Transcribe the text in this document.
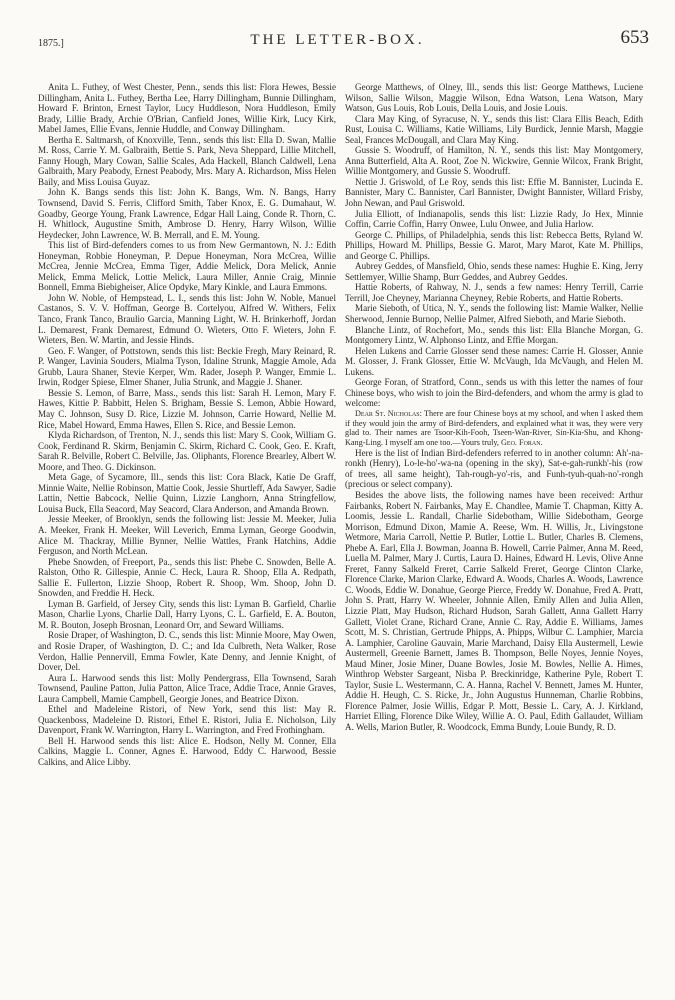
1875.]	THE LETTER-BOX.	653

Anita L. Futhey, of West Chester, Penn., sends this list: Flora Hewes, Bessie Dillingham, Anita L. Futhey, Bertha Lee, Harry Dillingham, Bunnie Dillingham, Howard F. Brinton, Ernest Taylor, Lucy Huddleson, Nora Huddleson, Emily Brady, Lillie Brady, Archie O'Brian, Canfield Jones, Willie Kirk, Lucy Kirk, Mabel James, Ellie Evans, Jennie Huddle, and Conway Dillingham.

Bertha E. Saltmarsh, of Knoxville, Tenn., sends this list: Ella D. Swan, Mallie M. Ross, Carrie Y. M. Galbraith, Bettie S. Park, Neva Sheppard, Lillie Mitchell, Fanny Hough, Mary Cowan, Sallie Scales, Ada Hackell, Blanch Caldwell, Lena Galbraith, Mary Peabody, Ernest Peabody, Mrs. Mary A. Richardson, Miss Helen Baily, and Miss Louisa Guyaz.

John K. Bangs sends this list: John K. Bangs, Wm. N. Bangs, Harry Townsend, David S. Ferris, Clifford Smith, Taber Knox, E. G. Dumahaut, W. Goadby, George Young, Frank Lawrence, Edgar Hall Laing, Conde R. Thorn, C. H. Whitlock, Augustine Smith, Ambrose D. Henry, Harry Wilson, Willie Heydecker, John Lawrence, W. B. Merrall, and E. M. Young.

This list of Bird-defenders comes to us from New Germantown, N. J.: Edith Honeyman, Robbie Honeyman, P. Depue Honeyman, Nora McCrea, Willie McCrea, Jennie McCrea, Emma Tiger, Addie Melick, Dora Melick, Annie Melick, Emma Melick, Lottie Melick, Laura Miller, Annie Craig, Minnie Bonnell, Emma Biebigheiser, Alice Opdyke, Mary Kinkle, and Laura Emmons.

John W. Noble, of Hempstead, L. I., sends this list: John W. Noble, Manuel Castanos, S. V. V. Hoffman, George B. Cortelyou, Alfred W. Withers, Felix Tanco, Frank Tanco, Braulio Garcia, Manning Light, W. H. Brinkerhoff, Jordan L. Demarest, Frank Demarest, Edmund O. Wieters, Otto F. Wieters, John F. Wieters, Ben. W. Martin, and Jessie Hinds.

Geo. F. Wanger, of Pottstown, sends this list: Beckie Fregh, Mary Reinard, R. P. Wanger, Lavinia Souders, Mialma Tyson, Idaline Strunk, Maggie Amole, Ada Grubb, Laura Shaner, Stevie Kerper, Wm. Rader, Joseph P. Wanger, Emmie L. Irwin, Rodger Spiese, Elmer Shaner, Julia Strunk, and Maggie J. Shaner.

Bessie S. Lemon, of Barre, Mass., sends this list: Sarah H. Lemon, Mary F. Hawes, Kittie P. Babbitt, Helen S. Brigham, Bessie S. Lemon, Abbie Howard, May C. Johnson, Susy D. Rice, Lizzie M. Johnson, Carrie Howard, Nellie M. Rice, Mabel Howard, Emma Hawes, Ellen S. Rice, and Bessie Lemon.

Klyda Richardson, of Trenton, N. J., sends this list: Mary S. Cook, William G. Cook, Ferdinand R. Skirm, Benjamin C. Skirm, Richard C. Cook, Geo. E. Kraft, Sarah R. Belville, Robert C. Belville, Jas. Oliphants, Florence Brearley, Albert W. Moore, and Theo. G. Dickinson.

Meta Gage, of Sycamore, Ill., sends this list: Cora Black, Katie De Graff, Minnie Waite, Nellie Robinson, Mattie Cook, Jessie Shurtleff, Ada Sawyer, Sadie Lattin, Nettie Babcock, Nellie Quinn, Lizzie Langhorn, Anna Stringfellow, Louisa Buck, Ella Seacord, May Seacord, Clara Anderson, and Amanda Brown.

Jessie Meeker, of Brooklyn, sends the following list: Jessie M. Meeker, Julia A. Meeker, Frank H. Meeker, Will Leverich, Emma Lyman, George Goodwin, Alice M. Thackray, Millie Bynner, Nellie Wattles, Frank Hatchins, Addie Ferguson, and North McLean.

Phebe Snowden, of Freeport, Pa., sends this list: Phebe C. Snowden, Belle A. Ralston, Otho R. Gillespie, Annie C. Heck, Laura R. Shoop, Ella A. Redpath, Sallie E. Fullerton, Lizzie Shoop, Robert R. Shoop, Wm. Shoop, John D. Snowden, and Freddie H. Heck.

Lyman B. Garfield, of Jersey City, sends this list: Lyman B. Garfield, Charlie Mason, Charlie Lyons, Charlie Dall, Harry Lyons, C. L. Garfield, E. A. Bouton, M. R. Bouton, Joseph Brosnan, Leonard Orr, and Seward Williams.

Rosie Draper, of Washington, D. C., sends this list: Minnie Moore, May Owen, and Rosie Draper, of Washington, D. C.; and Ida Culbreth, Neta Walker, Rose Verdon, Hallie Pennervill, Emma Fowler, Kate Denny, and Jennie Knight, of Dover, Del.

Aura L. Harwood sends this list: Molly Pendergrass, Ella Townsend, Sarah Townsend, Pauline Patton, Julia Patton, Alice Trace, Addie Trace, Annie Graves, Laura Campbell, Mamie Campbell, Georgie Jones, and Beatrice Dixon.

Ethel and Madeleine Ristori, of New York, send this list: May R. Quackenboss, Madeleine D. Ristori, Ethel E. Ristori, Julia E. Nicholson, Lily Davenport, Frank W. Warrington, Harry L. Warrington, and Fred Frothingham.

Bell H. Harwood sends this list: Alice E. Hodson, Nelly M. Conner, Ella Calkins, Maggie L. Conner, Agnes E. Harwood, Eddy C. Harwood, Bessie Calkins, and Alice Libby.

George Matthews, of Olney, Ill., sends this list: George Matthews, Luciene Wilson, Sallie Wilson, Maggie Wilson, Edna Watson, Lena Watson, Mary Watson, Gus Louis, Rob Louis, Della Louis, and Josie Louis.

Clara May King, of Syracuse, N. Y., sends this list: Clara Ellis Beach, Edith Rust, Louisa C. Williams, Katie Williams, Lily Burdick, Jennie Marsh, Maggie Seal, Frances McDougall, and Clara May King.

Gussie S. Woodruff, of Hamilton, N. Y., sends this list: May Montgomery, Anna Butterfield, Alta A. Root, Zoe N. Wickwire, Gennie Wilcox, Frank Bright, Willie Montgomery, and Gussie S. Woodruff.

Nettie J. Griswold, of Le Roy, sends this list: Effie M. Bannister, Lucinda E. Bannister, Mary C. Bannister, Carl Bannister, Dwight Bannister, Willard Frisby, John Newan, and Paul Griswold.

Julia Elliott, of Indianapolis, sends this list: Lizzie Rady, Jo Hex, Minnie Coffin, Carrie Coffin, Harry Onwee, Lulu Onwee, and Julia Harlow.

George C. Phillips, of Philadelphia, sends this list: Rebecca Betts, Ryland W. Phillips, Howard M. Phillips, Bessie G. Marot, Mary Marot, Kate M. Phillips, and George C. Phillips.

Aubrey Geddes, of Mansfield, Ohio, sends these names: Hughie E. King, Jerry Settlemyer, Willie Shamp, Burr Geddes, and Aubrey Geddes.

Hattie Roberts, of Rahway, N. J., sends a few names: Henry Terrill, Carrie Terrill, Joe Cheyney, Marianna Cheyney, Rebie Roberts, and Hattie Roberts.

Marie Sieboth, of Utica, N. Y., sends the following list: Mamie Walker, Nellie Sherwood, Jennie Burnop, Nellie Palmer, Alfred Sieboth, and Marie Sieboth.

Blanche Lintz, of Rochefort, Mo., sends this list: Ella Blanche Morgan, G. Montgomery Lintz, W. Alphonso Lintz, and Effie Morgan.

Helen Lukens and Carrie Glosser send these names: Carrie H. Glosser, Annie M. Glosser, J. Frank Glosser, Ettie W. McVaugh, Ida McVaugh, and Helen M. Lukens.

George Foran, of Stratford, Conn., sends us with this letter the names of four Chinese boys, who wish to join the Bird-defenders, and whom the army is glad to welcome:

Dear St. Nicholas: There are four Chinese boys at my school, and when I asked them if they would join the army of Bird-defenders, and explained what it was, they were very glad to. Their names are Tsoor-Kih-Fooh, Tseen-Wan-River, Sin-Kia-Shu, and Khong-Kang-Ling. I myself am one too.—Yours truly, Geo. Foran.

Here is the list of Indian Bird-defenders referred to in another column: Ah'-na-ronkh (Henry), Lo-le-ho'-wa-na (opening in the sky), Sat-e-gah-runkh'-his (row of trees, all same height), Tah-rough-yo'-ris, and Funh-tyuh-quah-no'-rongh (precious or select company).

Besides the above lists, the following names have been received: Arthur Fairbanks, Robert N. Fairbanks, May E. Chandlee, Mamie T. Chapman, Kitty A. Loomis, Jessie L. Randall, Charlie Sidebotham, Willie Sidebotham, George Morrison, Edmund Dixon, Mamie A. Reese, Wm. H. Willis, Jr., Livingstone Wetmore, Maria Carroll, Nettie P. Butler, Lottie L. Butler, Charles B. Clemens, Phebe A. Earl, Ella J. Bowman, Joanna B. Howell, Carrie Palmer, Anna M. Reed, Luella M. Palmer, Mary J. Curtis, Laura D. Haines, Edward H. Levis, Olive Anne Freret, Fanny Salkeld Freret, Carrie Salkeld Freret, George Clinton Clarke, Florence Clarke, Marion Clarke, Edward A. Woods, Charles A. Woods, Lawrence C. Woods, Eddie W. Donahue, George Pierce, Freddy W. Donahue, Fred A. Pratt, John S. Pratt, Harry W. Wheeler, Johnnie Allen, Emily Allen and Julia Allen, Lizzie Platt, May Hudson, Richard Hudson, Sarah Gallett, Anna Gallett Harry Gallett, Violet Crane, Richard Crane, Annie C. Ray, Addie E. Williams, James Scott, M. S. Christian, Gertrude Phipps, A. Phipps, Wilbur C. Lamphier, Marcia A. Lamphier, Caroline Gauvain, Marie Marchand, Daisy Ella Austermell, Lewie Austermell, Greenie Barnett, James B. Thompson, Belle Noyes, Jennie Noyes, Maud Miner, Josie Miner, Duane Bowles, Josie M. Bowles, Nellie A. Himes, Winthrop Webster Sargeant, Nisba P. Breckinridge, Katherine Pyle, Robert T. Taylor, Susie L. Westermann, C. A. Hanna, Rachel V. Bennett, James M. Hunter, Addie H. Heugh, C. S. Ricke, Jr., John Augustus Hunneman, Charlie Robbins, Florence Palmer, Josie Willis, Edgar P. Mott, Bessie L. Cary, A. J. Kirkland, Harriet Elling, Florence Dike Wiley, Willie A. O. Paul, Edith Gallaudet, William A. Wells, Marion Butler, R. Woodcock, Emma Bundy, Louie Bundy, R. D.
